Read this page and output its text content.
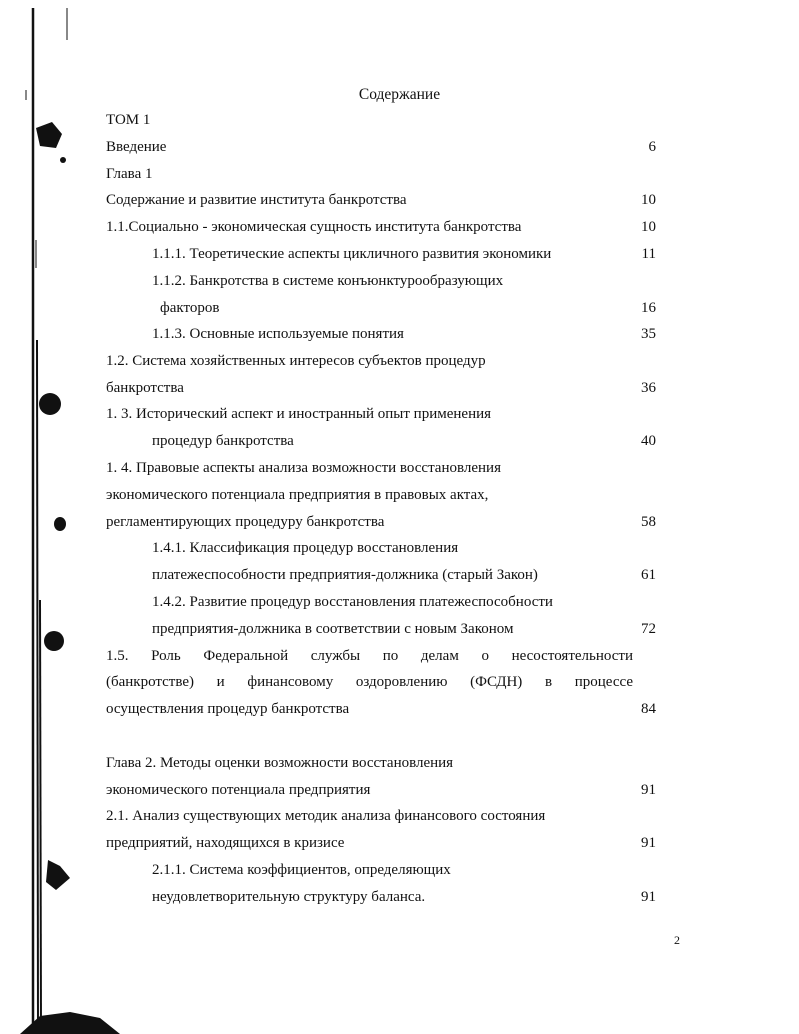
Содержание
ТОМ 1
Введение	6
Глава 1
Содержание и развитие института банкротства	10
1.1.Социально - экономическая сущность института банкротства	10
1.1.1. Теоретические аспекты цикличного развития экономики	11
1.1.2. Банкротства в системе конъюнктурообразующих
факторов	16
1.1.3. Основные используемые понятия	35
1.2. Система хозяйственных интересов субъектов процедур
банкротства	36
1. 3. Исторический аспект и иностранный опыт применения
процедур банкротства	40
1. 4. Правовые аспекты анализа возможности восстановления
экономического потенциала предприятия в правовых актах,
регламентирующих процедуру банкротства	58
1.4.1. Классификация процедур восстановления
платежеспособности предприятия-должника (старый Закон)	61
1.4.2. Развитие процедур восстановления платежеспособности
предприятия-должника в соответствии с новым Законом	72
1.5. Роль Федеральной службы по делам о несостоятельности
(банкротстве) и финансовому оздоровлению (ФСДН) в процессе
осуществления процедур банкротства	84
Глава 2. Методы оценки возможности восстановления
экономического потенциала предприятия	91
2.1. Анализ существующих методик анализа финансового состояния
предприятий, находящихся в кризисе	91
2.1.1. Система коэффициентов, определяющих
неудовлетворительную структуру баланса.	91
2
